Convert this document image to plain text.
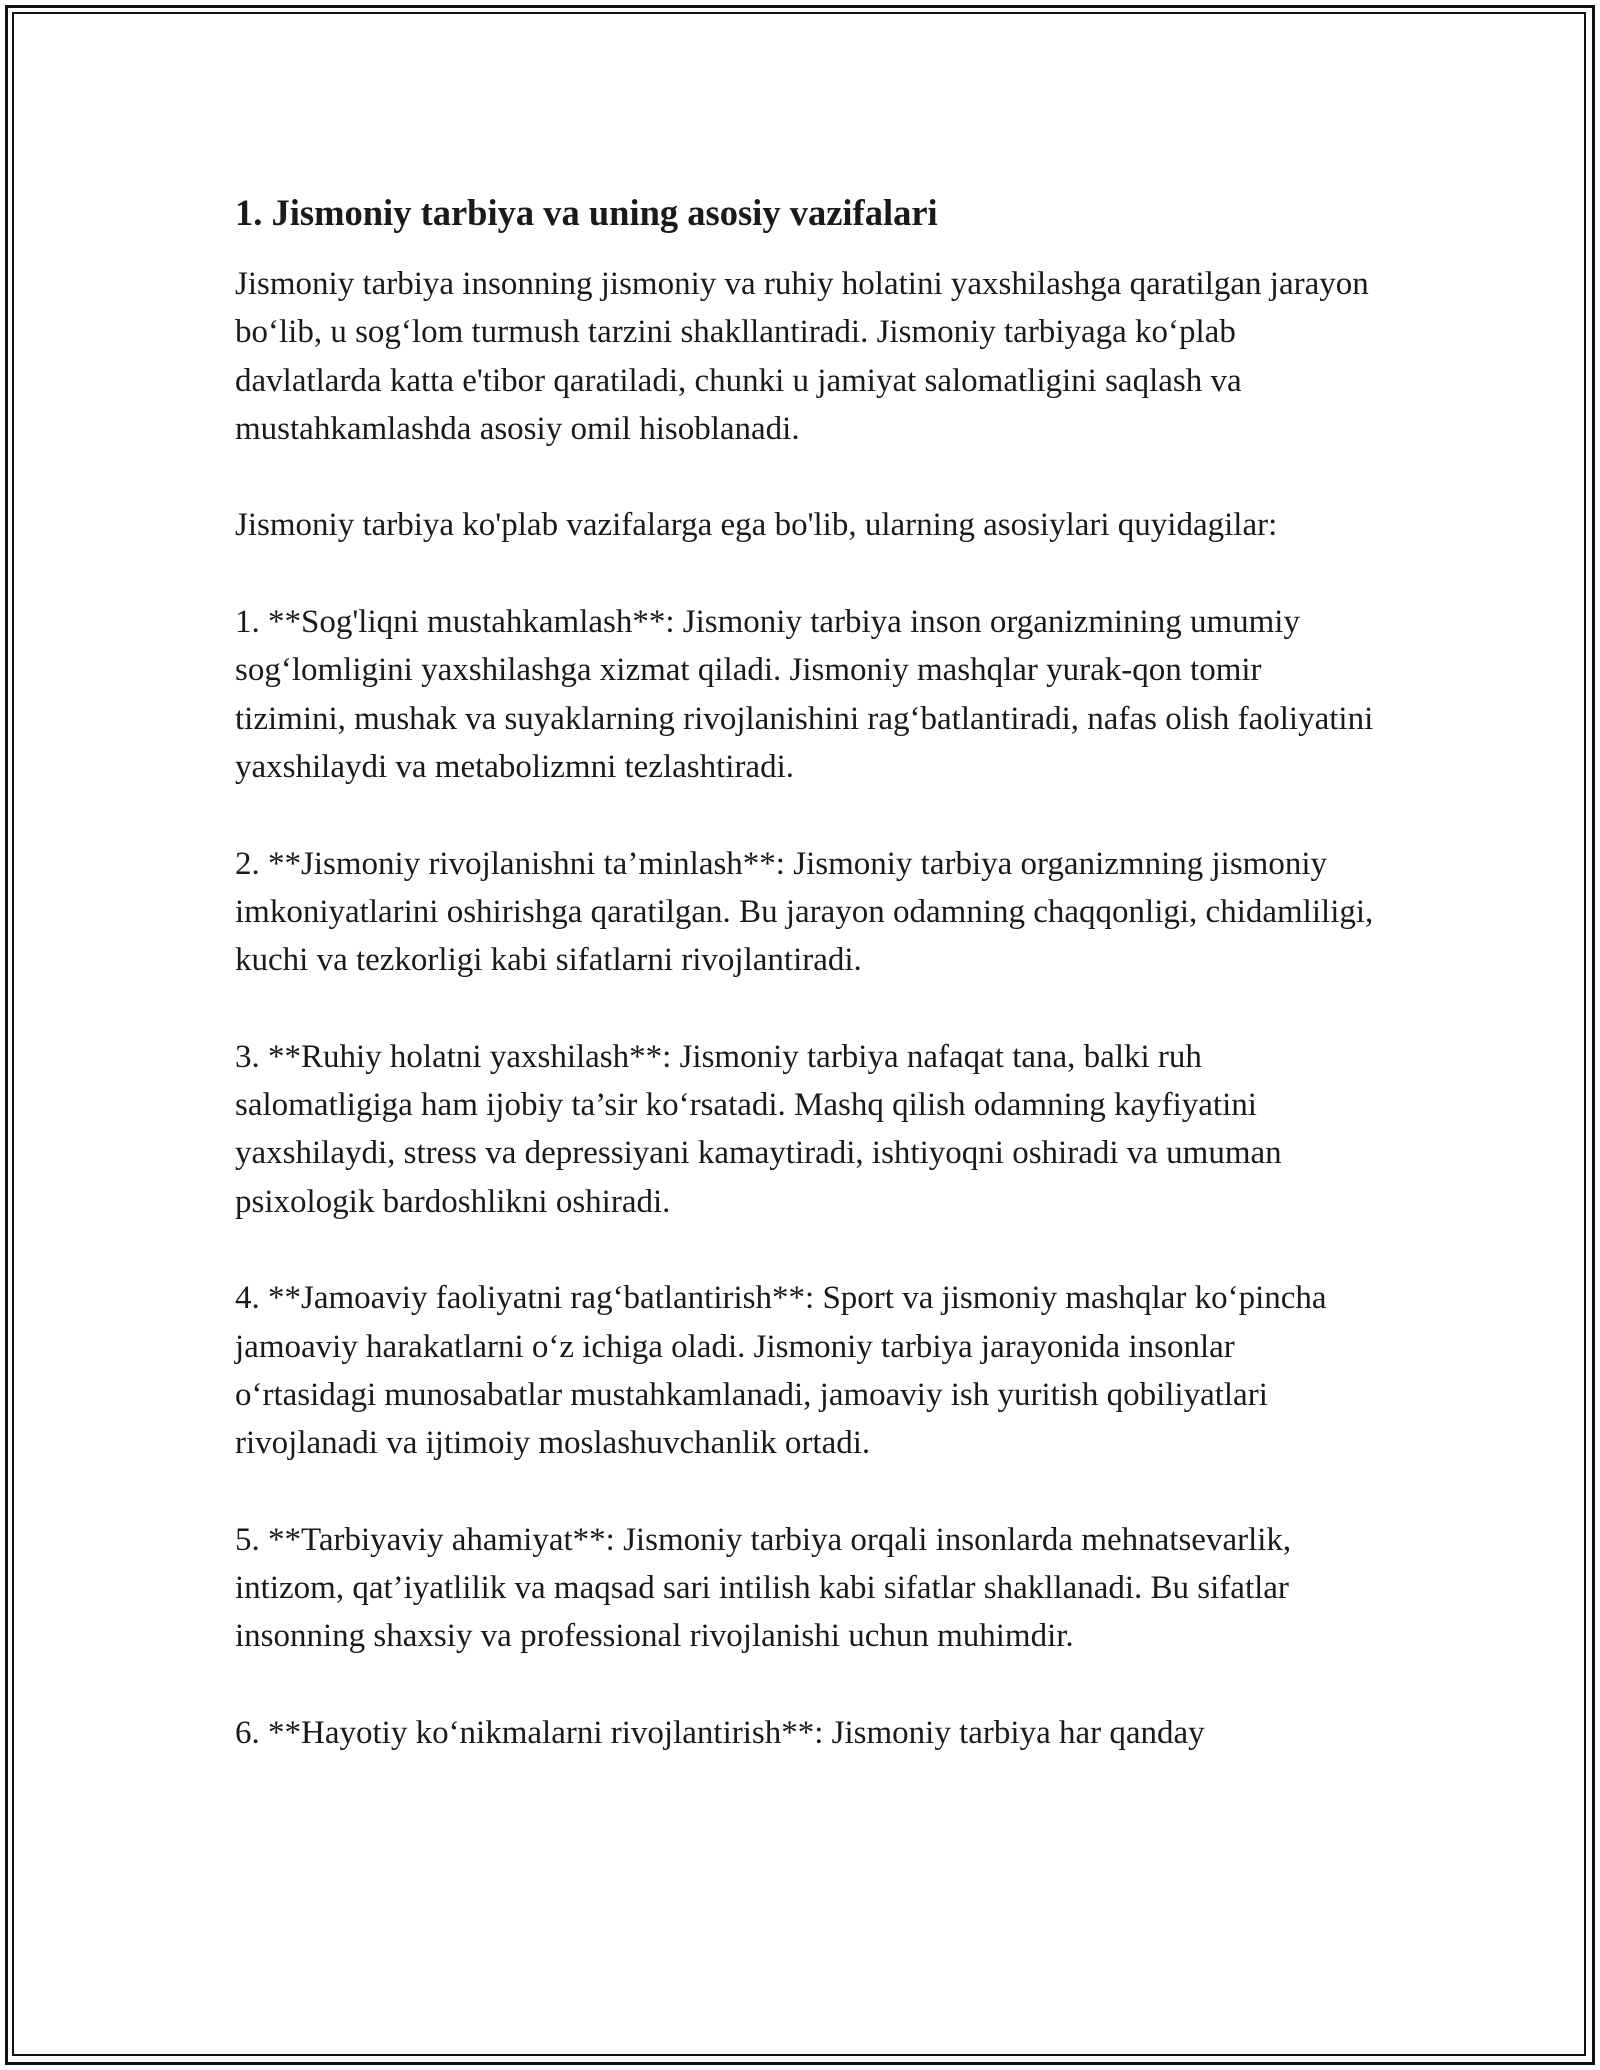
1. Jismoniy tarbiya va uning asosiy vazifalari

Jismoniy tarbiya insonning jismoniy va ruhiy holatini yaxshilashga qaratilgan jarayon bo‘lib, u sog‘lom turmush tarzini shakllantiradi. Jismoniy tarbiyaga ko‘plab davlatlarda katta e'tibor qaratiladi, chunki u jamiyat salomatligini saqlash va mustahkamlashda asosiy omil hisoblanadi.

Jismoniy tarbiya ko'plab vazifalarga ega bo'lib, ularning asosiylari quyidagilar:

1. **Sog'liqni mustahkamlash**: Jismoniy tarbiya inson organizmining umumiy sog‘lomligini yaxshilashga xizmat qiladi. Jismoniy mashqlar yurak-qon tomir tizimini, mushak va suyaklarning rivojlanishini rag‘batlantiradi, nafas olish faoliyatini yaxshilaydi va metabolizmni tezlashtiradi.

2. **Jismoniy rivojlanishni ta’minlash**: Jismoniy tarbiya organizmning jismoniy imkoniyatlarini oshirishga qaratilgan. Bu jarayon odamning chaqqonligi, chidamliligi, kuchi va tezkorligi kabi sifatlarni rivojlantiradi.

3. **Ruhiy holatni yaxshilash**: Jismoniy tarbiya nafaqat tana, balki ruh salomatligiga ham ijobiy ta’sir ko‘rsatadi. Mashq qilish odamning kayfiyatini yaxshilaydi, stress va depressiyani kamaytiradi, ishtiyoqni oshiradi va umuman psixologik bardoshlikni oshiradi.

4. **Jamoaviy faoliyatni rag‘batlantirish**: Sport va jismoniy mashqlar ko‘pincha jamoaviy harakatlarni o‘z ichiga oladi. Jismoniy tarbiya jarayonida insonlar o‘rtasidagi munosabatlar mustahkamlanadi, jamoaviy ish yuritish qobiliyatlari rivojlanadi va ijtimoiy moslashuvchanlik ortadi.

5. **Tarbiyaviy ahamiyat**: Jismoniy tarbiya orqali insonlarda mehnatsevarlik, intizom, qat’iyatlilik va maqsad sari intilish kabi sifatlar shakllanadi. Bu sifatlar insonning shaxsiy va professional rivojlanishi uchun muhimdir.

6. **Hayotiy ko‘nikmalarni rivojlantirish**: Jismoniy tarbiya har qanday
